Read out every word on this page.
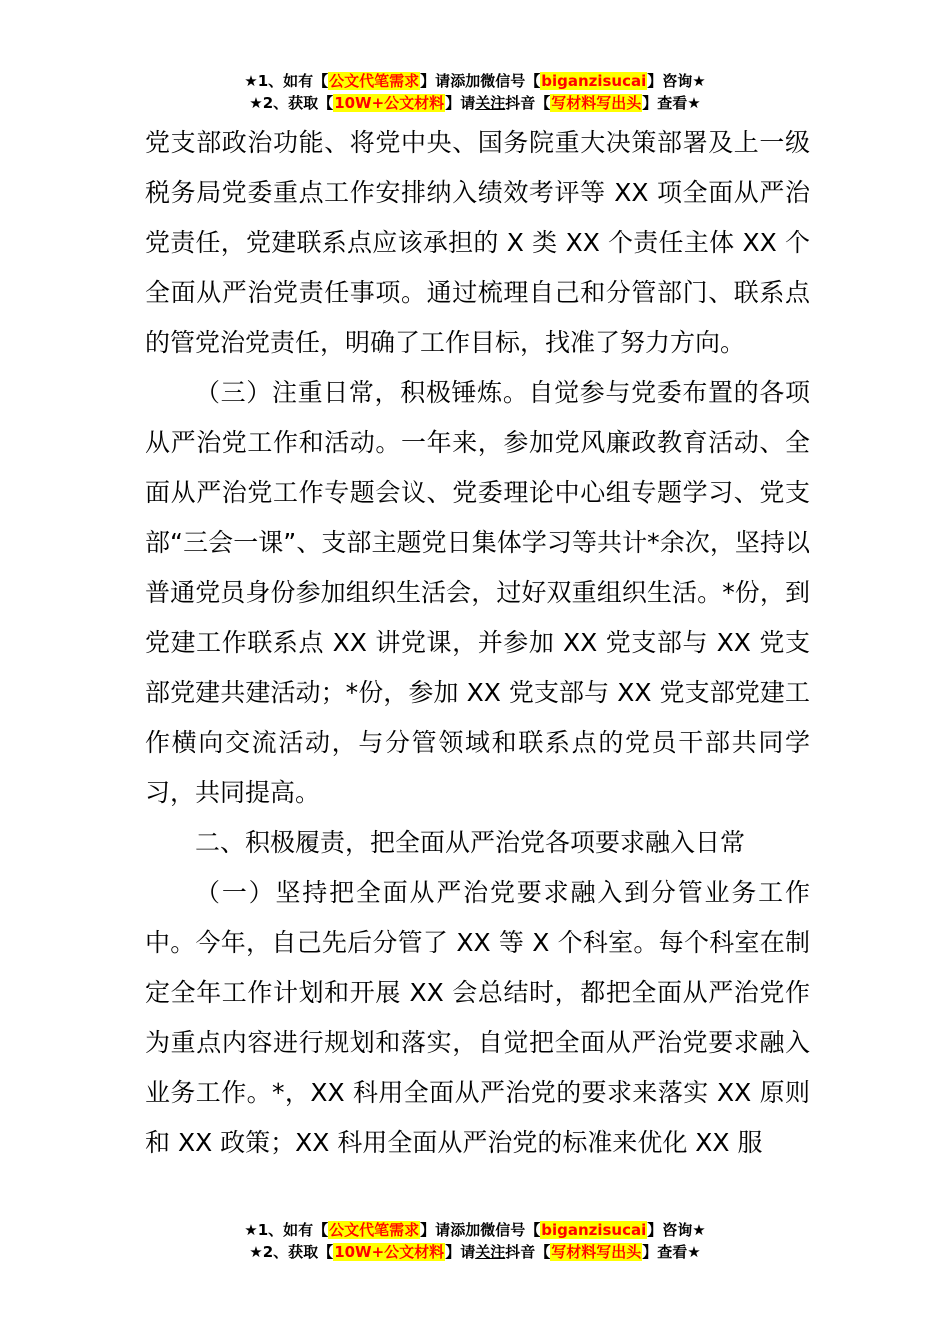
★1、如有【公文代笔需求】请添加微信号【biganzisucai】咨询★
★2、获取【10W+公文材料】请关注抖音【写材料写出头】查看★

党支部政治功能、将党中央、国务院重大决策部署及上一级税务局党委重点工作安排纳入绩效考评等 XX 项全面从严治党责任，党建联系点应该承担的 X 类 XX 个责任主体 XX 个全面从严治党责任事项。通过梳理自己和分管部门、联系点的管党治党责任，明确了工作目标，找准了努力方向。

（三）注重日常，积极锤炼。自觉参与党委布置的各项从严治党工作和活动。一年来，参加党风廉政教育活动、全面从严治党工作专题会议、党委理论中心组专题学习、党支部“三会一课”、支部主题党日集体学习等共计*余次，坚持以普通党员身份参加组织生活会，过好双重组织生活。*份，到党建工作联系点 XX 讲党课，并参加 XX 党支部与 XX 党支部党建共建活动；*份，参加 XX 党支部与 XX 党支部党建工作横向交流活动，与分管领域和联系点的党员干部共同学习，共同提高。

二、积极履责，把全面从严治党各项要求融入日常

（一）坚持把全面从严治党要求融入到分管业务工作中。今年，自己先后分管了 XX 等 X 个科室。每个科室在制定全年工作计划和开展 XX 会总结时，都把全面从严治党作为重点内容进行规划和落实，自觉把全面从严治党要求融入业务工作。*，XX 科用全面从严治党的要求来落实 XX 原则和 XX 政策；XX 科用全面从严治党的标准来优化 XX 服

★1、如有【公文代笔需求】请添加微信号【biganzisucai】咨询★
★2、获取【10W+公文材料】请关注抖音【写材料写出头】查看★
